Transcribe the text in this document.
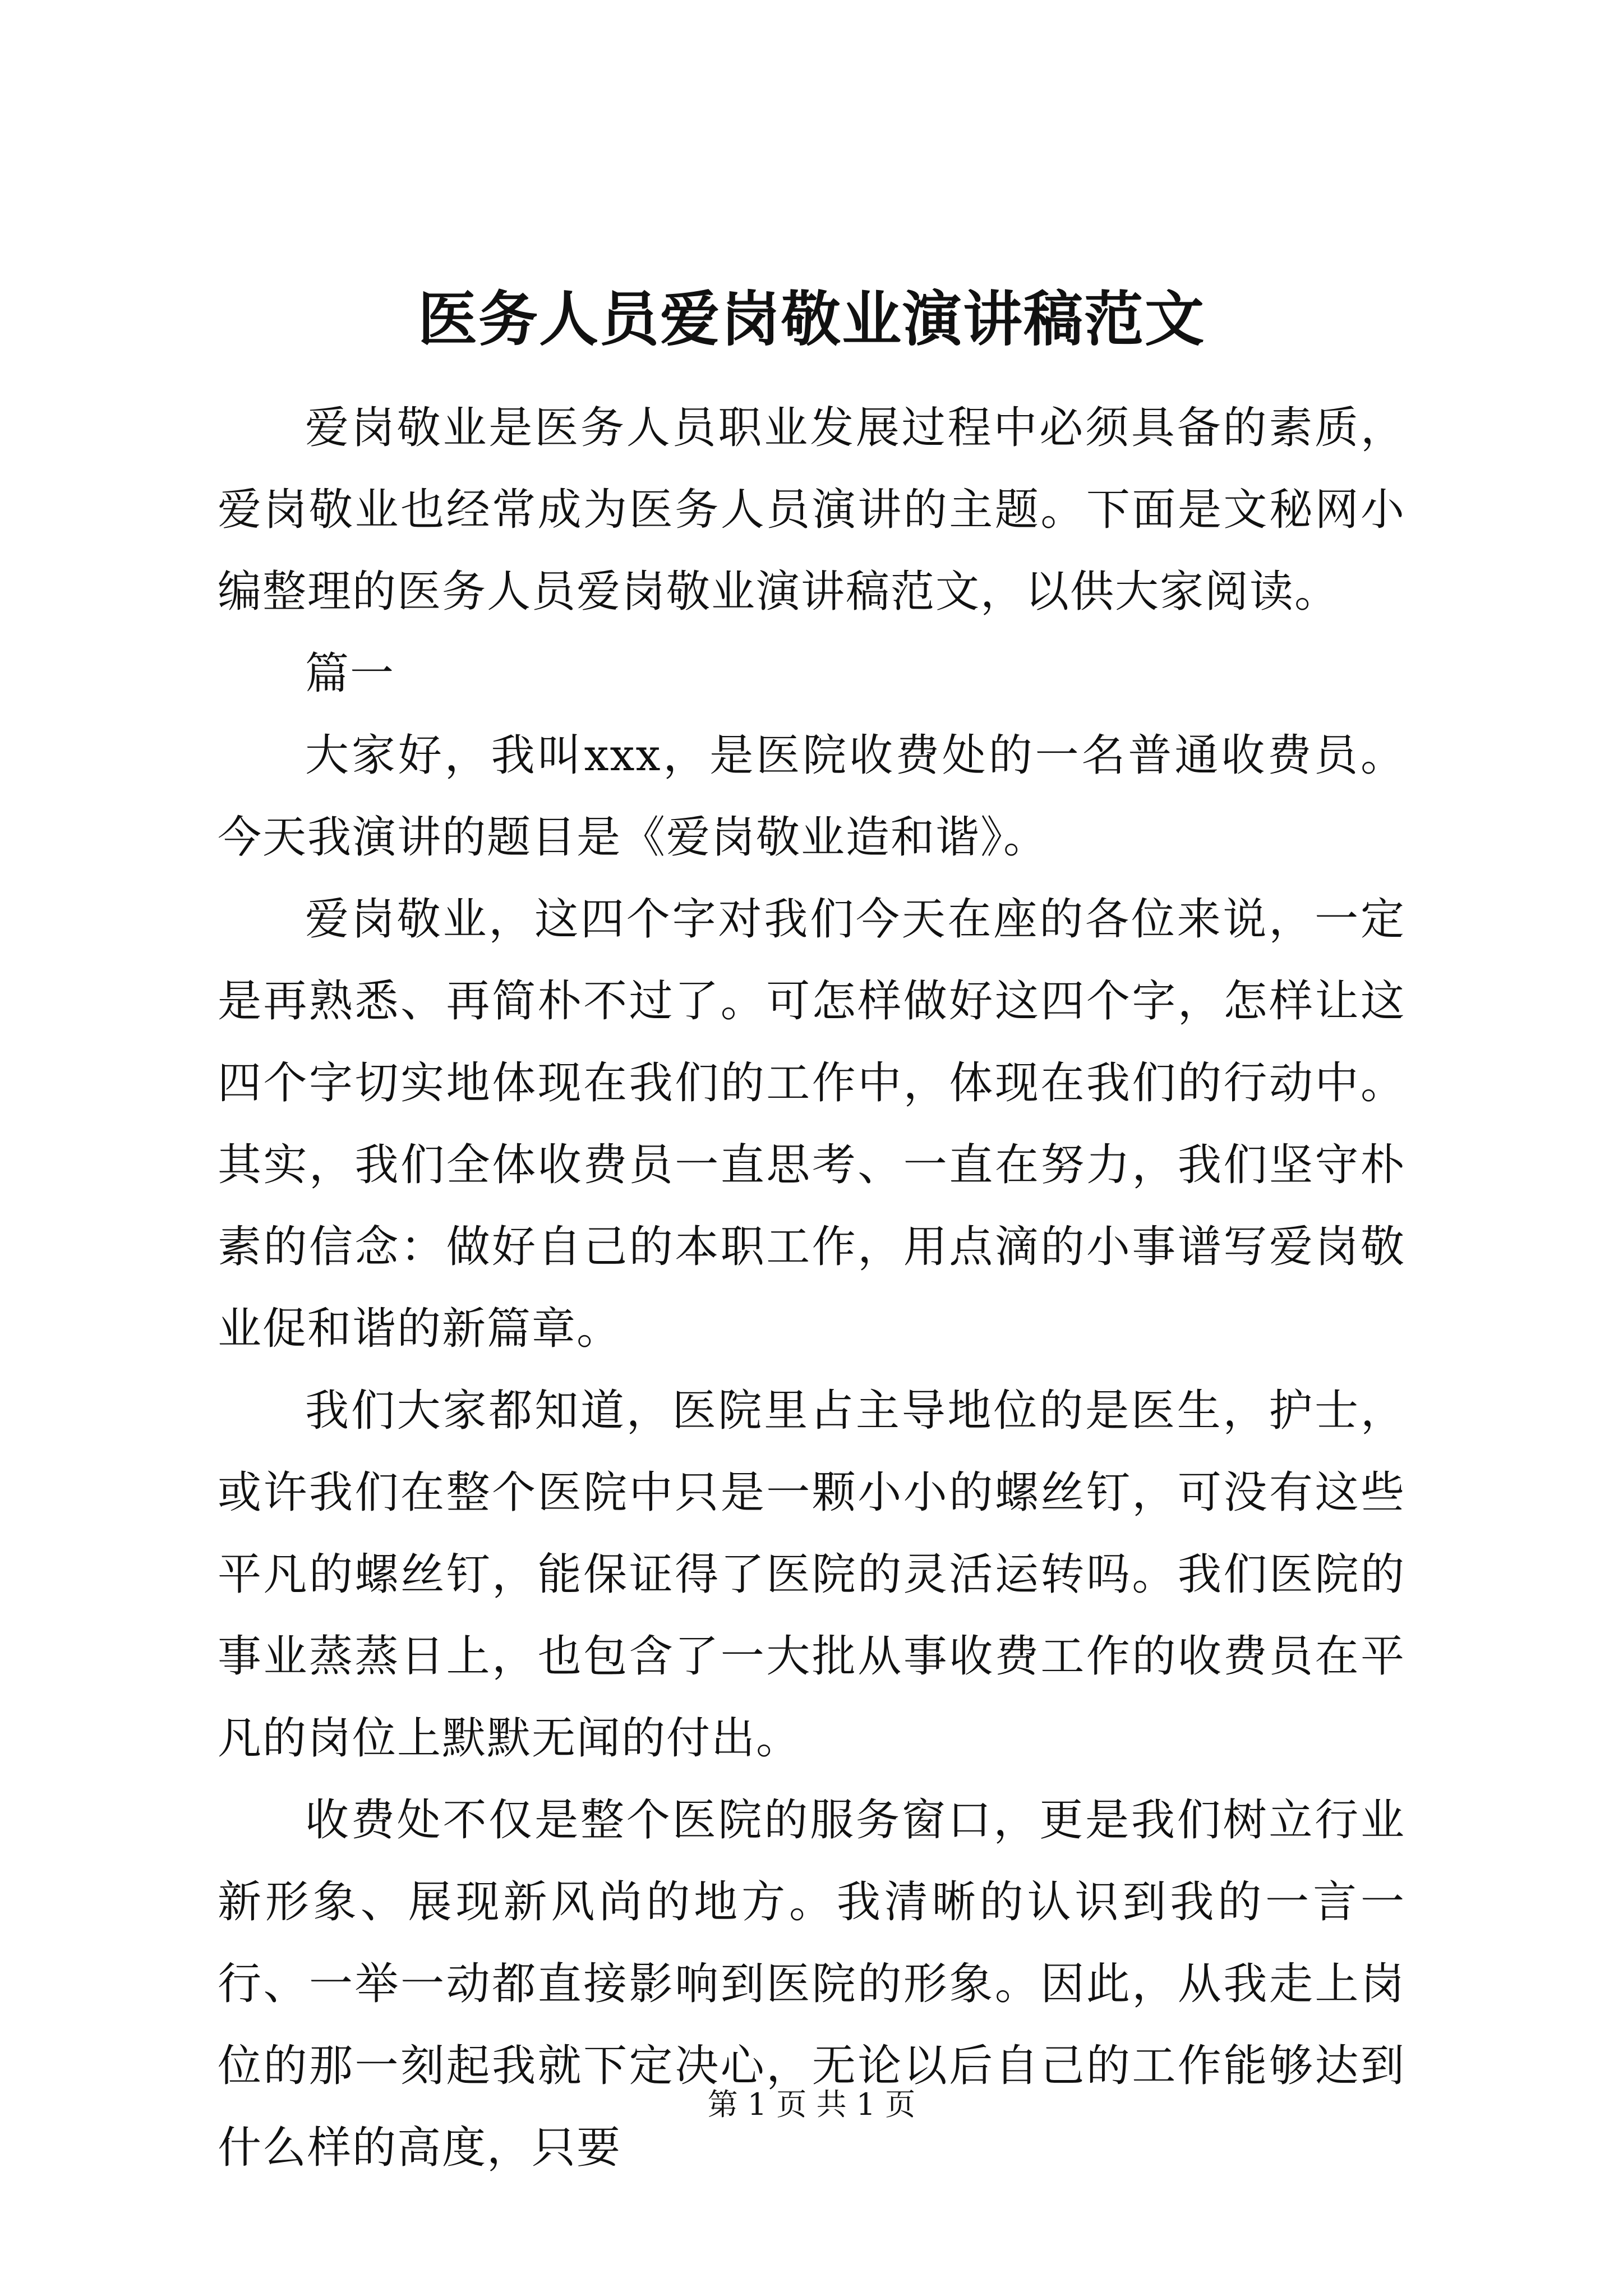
医务人员爱岗敬业演讲稿范文

爱岗敬业是医务人员职业发展过程中必须具备的素质，爱岗敬业也经常成为医务人员演讲的主题。下面是文秘网小编整理的医务人员爱岗敬业演讲稿范文，以供大家阅读。

篇一

大家好，我叫xxx，是医院收费处的一名普通收费员。今天我演讲的题目是《爱岗敬业造和谐》。

爱岗敬业，这四个字对我们今天在座的各位来说，一定是再熟悉、再简朴不过了。可怎样做好这四个字，怎样让这四个字切实地体现在我们的工作中，体现在我们的行动中。其实，我们全体收费员一直思考、一直在努力，我们坚守朴素的信念：做好自己的本职工作，用点滴的小事谱写爱岗敬业促和谐的新篇章。

我们大家都知道，医院里占主导地位的是医生，护士，或许我们在整个医院中只是一颗小小的螺丝钉，可没有这些平凡的螺丝钉，能保证得了医院的灵活运转吗。我们医院的事业蒸蒸日上，也包含了一大批从事收费工作的收费员在平凡的岗位上默默无闻的付出。

收费处不仅是整个医院的服务窗口，更是我们树立行业新形象、展现新风尚的地方。我清晰的认识到我的一言一行、一举一动都直接影响到医院的形象。因此，从我走上岗位的那一刻起我就下定决心，无论以后自己的工作能够达到什么样的高度，只要

第 1 页 共 1 页
